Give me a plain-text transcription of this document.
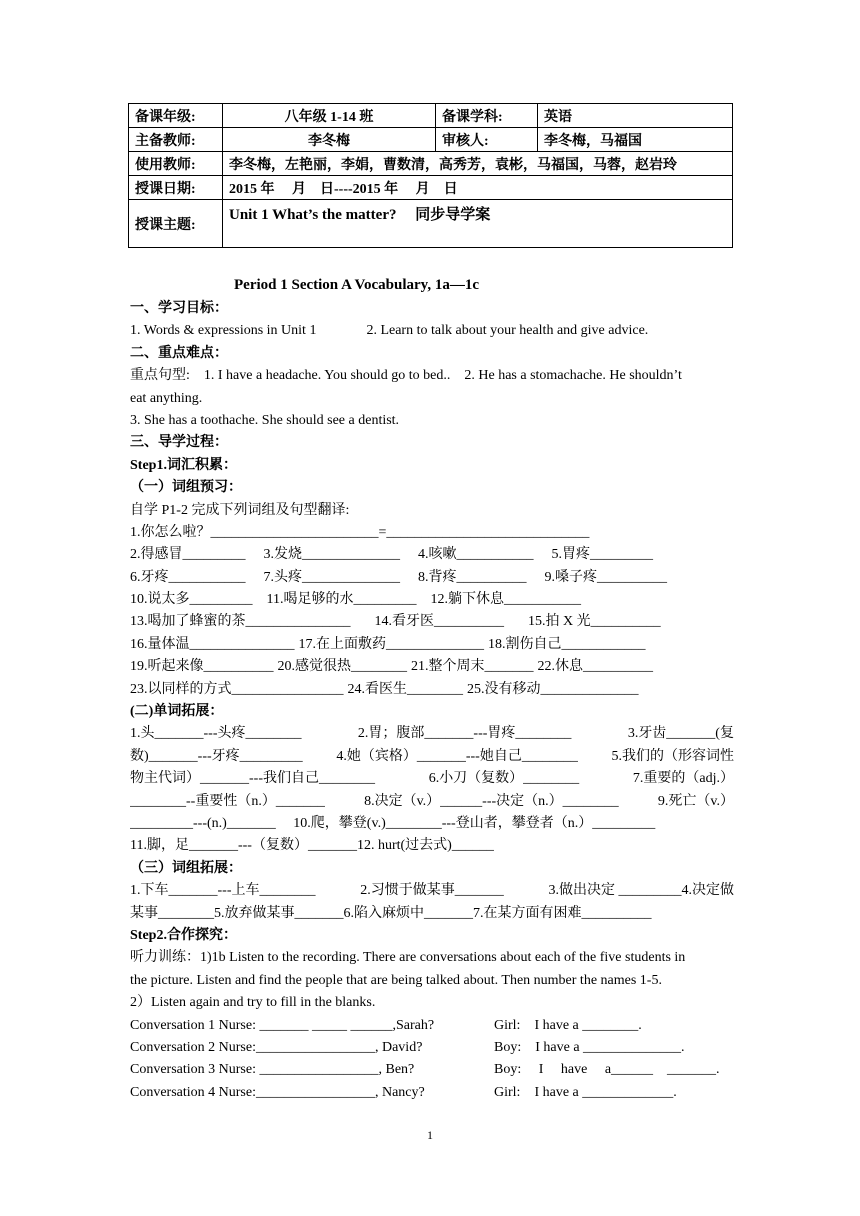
备课年级:	八年级 1-14 班	备课学科:	英语
主备教师:	李冬梅	审核人:	李冬梅，马福国
使用教师:	李冬梅，左艳丽，李娟，曹数清，高秀芳，袁彬，马福国，马蓉，赵岩玲		
授课日期:	2015 年　 月　日----2015 年　 月　日		
授课主题:	Unit 1 What’s the matter?　 同步导学案		
Period 1 Section A Vocabulary, 1a—1c
一、学习目标：
1. Words & expressions in Unit 1	2. Learn to talk about your health and give advice.
二、重点难点：
重点句型:　1. I have a headache. You should go to bed..　2. He has a stomachache. He shouldn’t
eat anything.
3. She has a toothache. She should see a dentist.
三、导学过程：
Step1.词汇积累：
（一）词组预习：
自学 P1-2 完成下列词组及句型翻译:
1.你怎么啦？________________________=_____________________________
2.得感冒_________ 3.发烧______________ 4.咳嗽___________ 5.胃疼_________
6.牙疼___________ 7.头疼______________ 8.背疼__________ 9.嗓子疼__________
10.说太多_________ 11.喝足够的水_________ 12.躺下休息___________
13.喝加了蜂蜜的茶_______________ 14.看牙医__________ 15.拍 X 光__________
16.量体温_______________ 17.在上面敷药______________ 18.割伤自己____________
19.听起来像__________ 20.感觉很热________ 21.整个周末_______ 22.休息__________
23.以同样的方式________________ 24.看医生________ 25.没有移动______________
(二)单词拓展：
1.头_______---头疼________	2.胃；腹部_______---胃疼________	3.牙齿_______(复
数)_______---牙疼_________ 4.她（宾格）_______---她自己________ 5.我们的（形容词性
物主代词）_______---我们自己________	6.小刀（复数）________	7.重要的（adj.）
________--重要性（n.）_______	8.决定（v.）______---决定（n.）________	9.死亡（v.）
_________---(n.)_______　 10.爬，攀登(v.)________---登山者，攀登者（n.）_________
11.脚，足_______---（复数）_______12. hurt(过去式)______
（三）词组拓展：
1.下车_______---上车________	2.习惯于做某事_______	3.做出决定 _________4.决定做
某事________5.放弃做某事_______6.陷入麻烦中_______7.在某方面有困难__________
Step2.合作探究：
听力训练：1)1b Listen to the recording. There are conversations about each of the five students in
the picture. Listen and find the people that are being talked about. Then number the names 1-5.
2）Listen again and try to fill in the blanks.
Conversation 1 Nurse: _______ _____ ______,Sarah?	Girl:　I have a ________.
Conversation 2 Nurse:_________________, David?	Boy:　I have a ______________.
Conversation 3 Nurse: _________________, Ben?	Boy:　 I　 have　 a______　_______.
Conversation 4 Nurse:_________________, Nancy?	Girl:　I have a _____________.
1
